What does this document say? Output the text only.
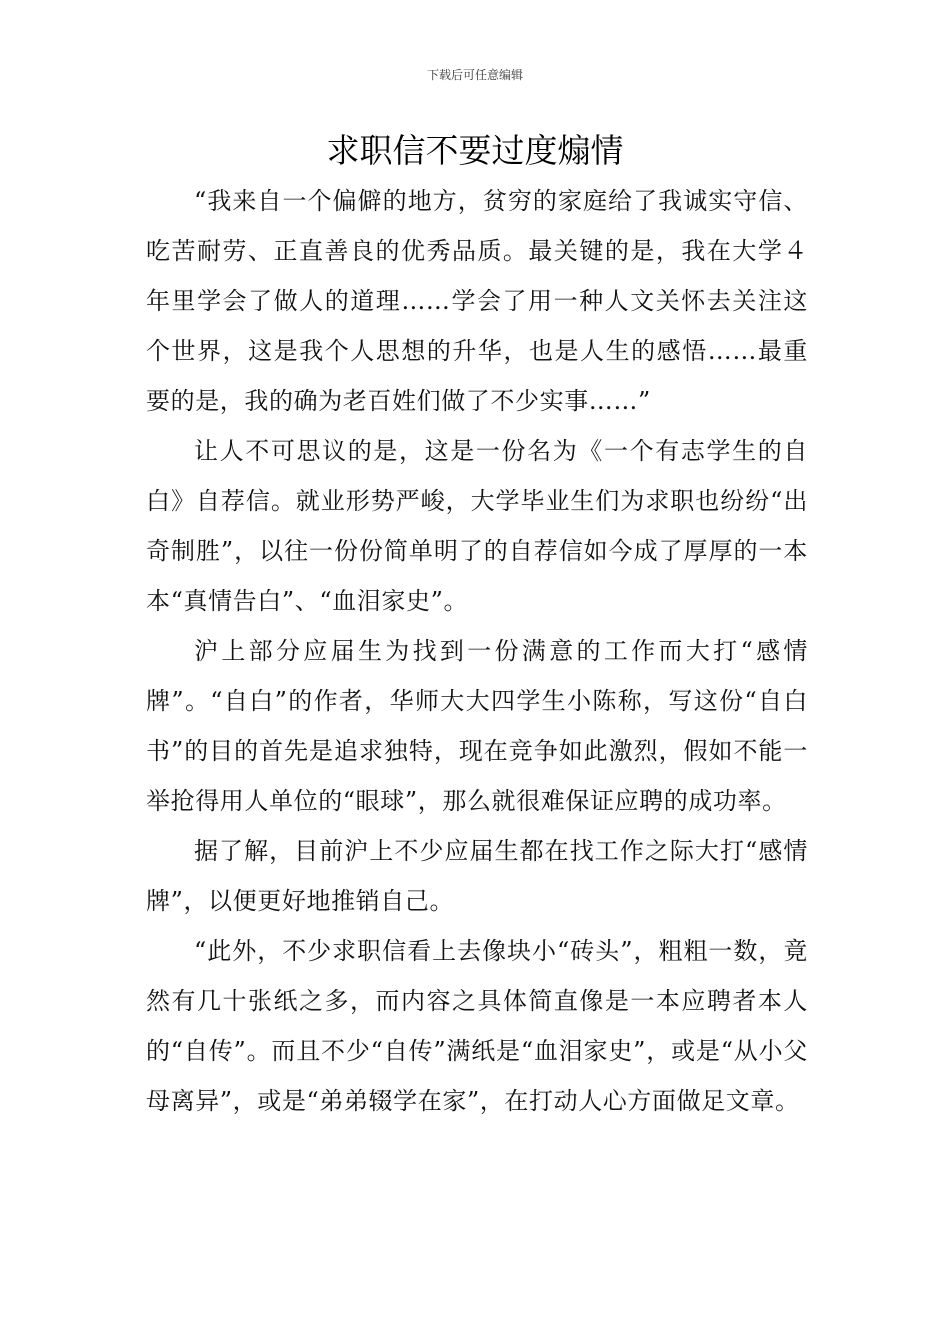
下载后可任意编辑
求职信不要过度煽情

“我来自一个偏僻的地方，贫穷的家庭给了我诚实守信、吃苦耐劳、正直善良的优秀品质。最关键的是，我在大学４年里学会了做人的道理……学会了用一种人文关怀去关注这个世界，这是我个人思想的升华，也是人生的感悟……最重要的是，我的确为老百姓们做了不少实事……”

让人不可思议的是，这是一份名为《一个有志学生的自白》自荐信。就业形势严峻，大学毕业生们为求职也纷纷“出奇制胜”，以往一份份简单明了的自荐信如今成了厚厚的一本本“真情告白”、“血泪家史”。

沪上部分应届生为找到一份满意的工作而大打“感情牌”。“自白”的作者，华师大大四学生小陈称，写这份“自白书”的目的首先是追求独特，现在竞争如此激烈，假如不能一举抢得用人单位的“眼球”，那么就很难保证应聘的成功率。

据了解，目前沪上不少应届生都在找工作之际大打“感情牌”，以便更好地推销自己。

“此外，不少求职信看上去像块小“砖头”，粗粗一数，竟然有几十张纸之多，而内容之具体简直像是一本应聘者本人的“自传”。而且不少“自传”满纸是“血泪家史”，或是“从小父母离异”，或是“弟弟辍学在家”，在打动人心方面做足文章。
